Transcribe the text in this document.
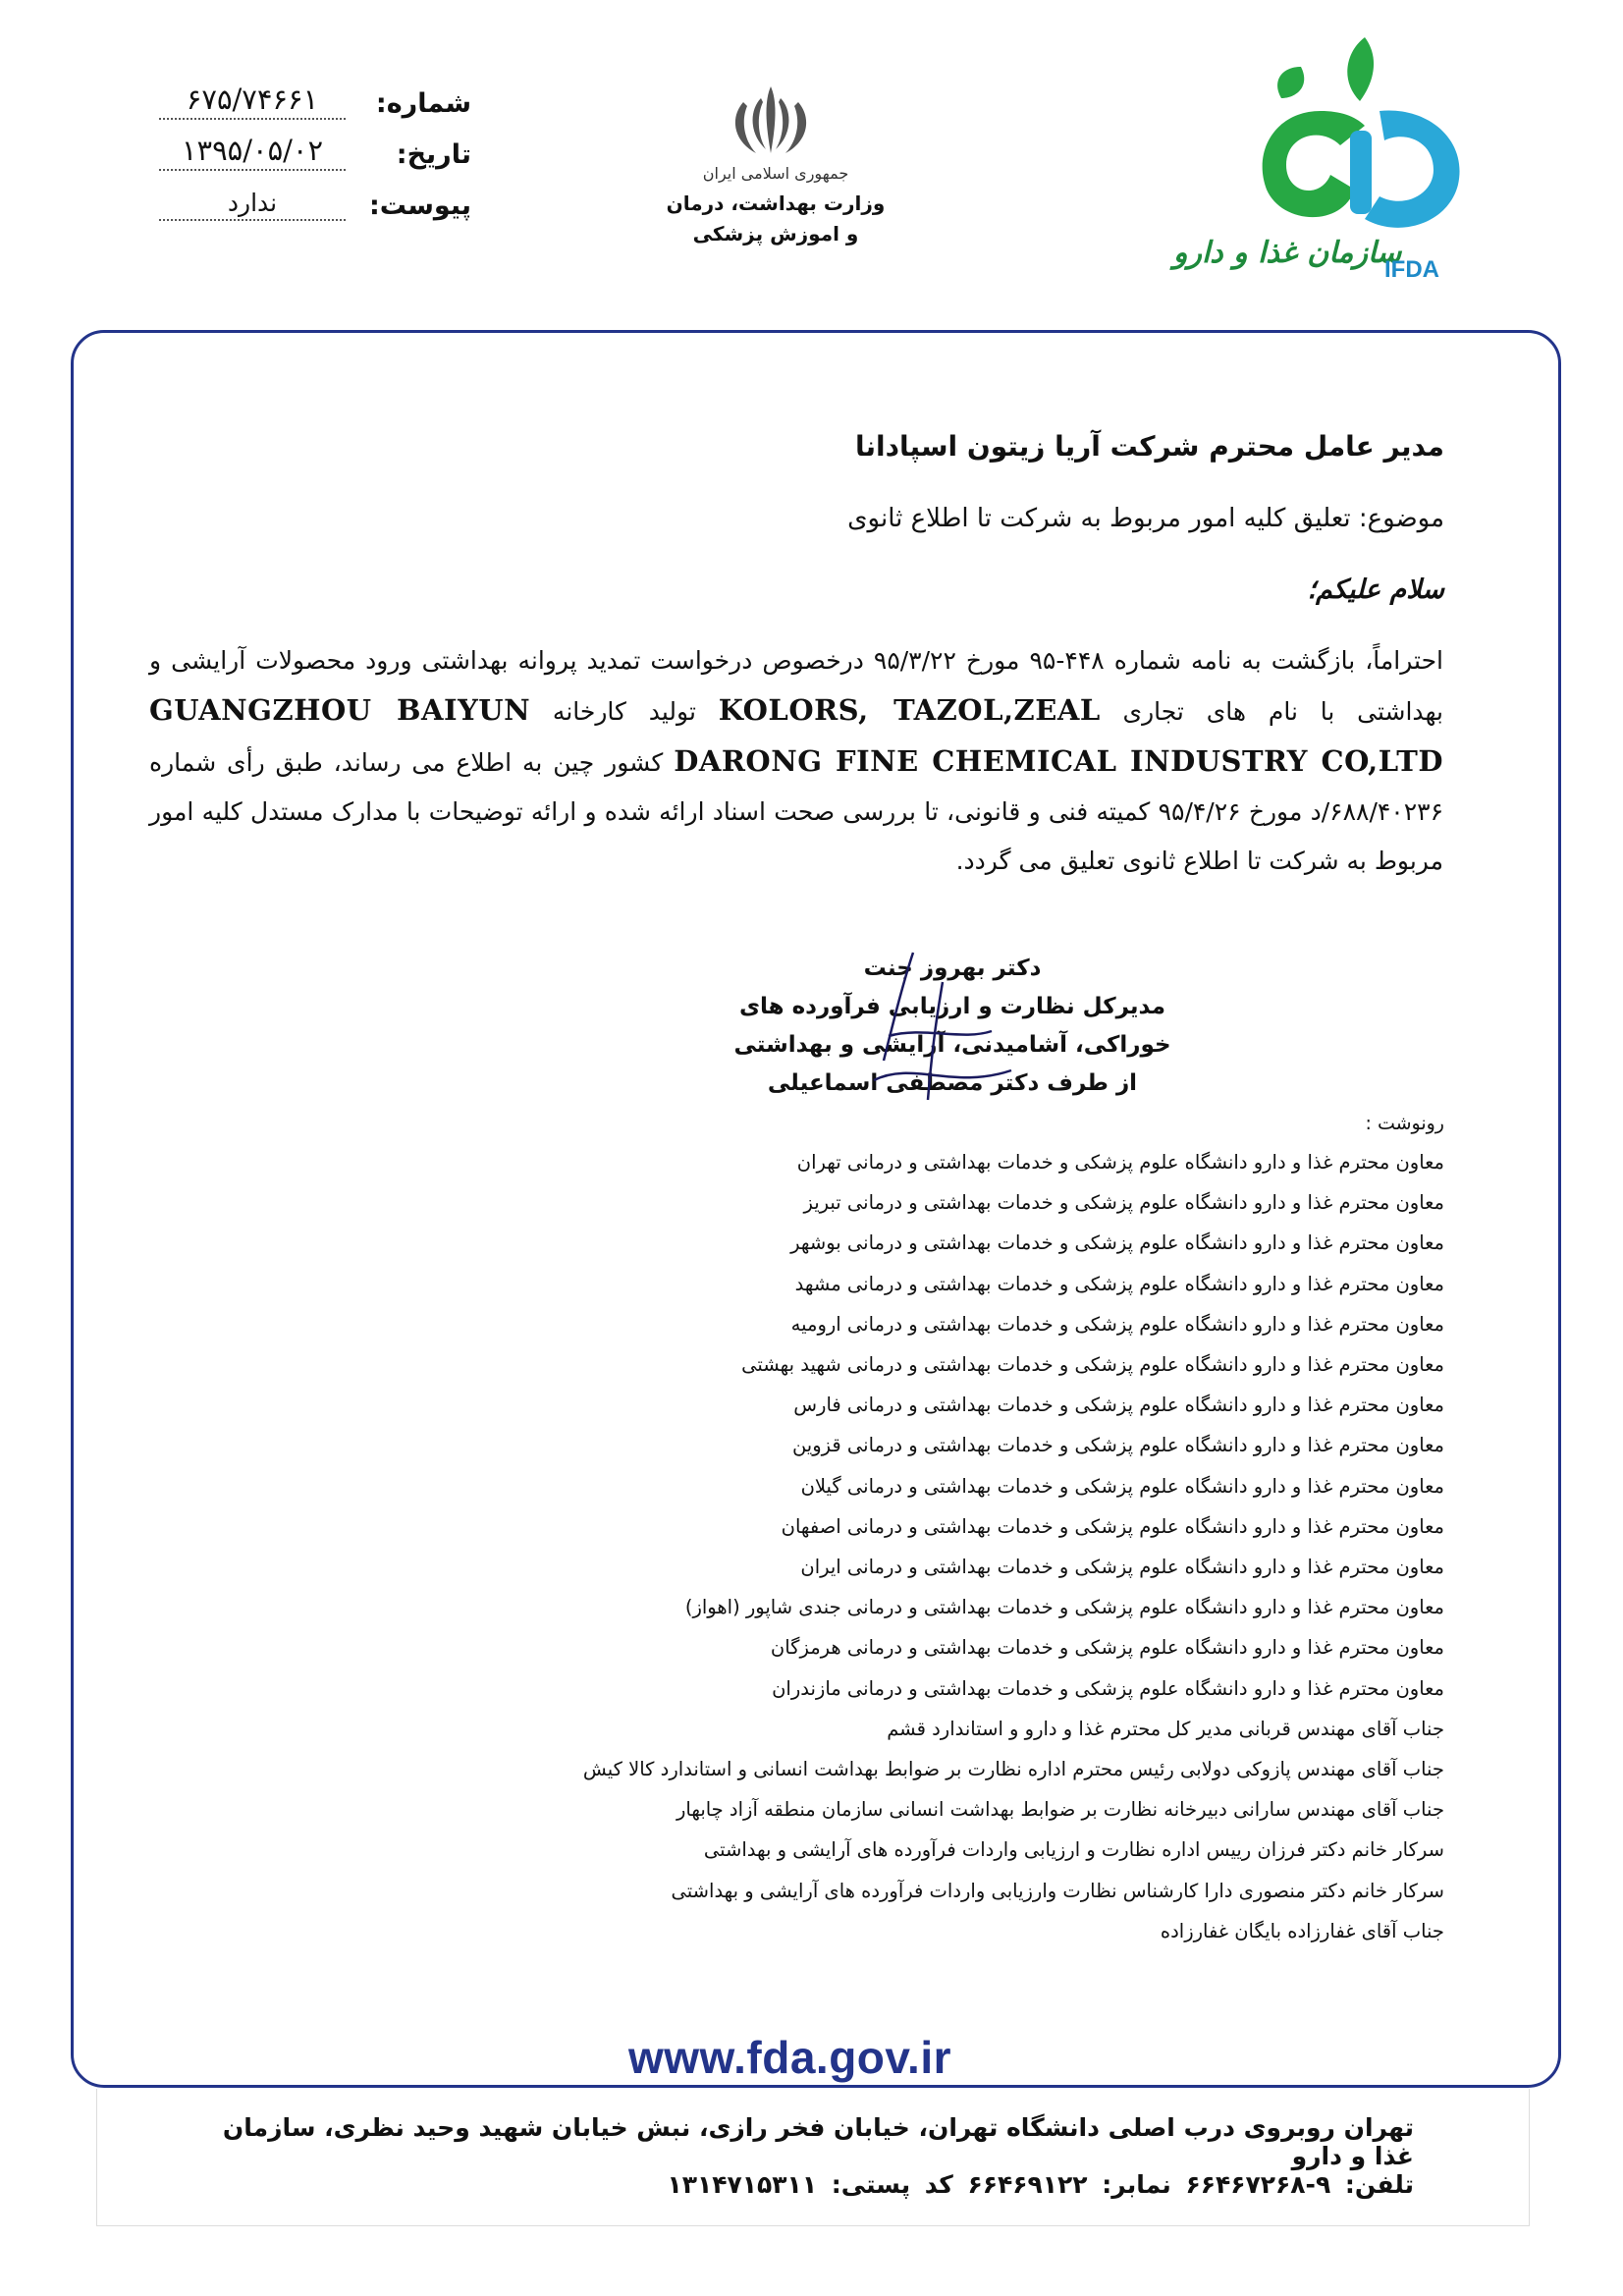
سازمان غذا و دارو
IFDA
جمهوری اسلامی ایران
وزارت بهداشت، درمان
و اموزش پزشکی
شماره:
۶۷۵/۷۴۶۶۱
تاریخ:
۱۳۹۵/۰۵/۰۲
پیوست:
ندارد
مدیر عامل محترم شرکت آریا زیتون اسپادانا
موضوع: تعلیق کلیه امور مربوط به شرکت تا اطلاع ثانوی
سلام علیکم؛
احتراماً، بازگشت به نامه شماره ۴۴۸-۹۵ مورخ ۹۵/۳/۲۲ درخصوص درخواست تمدید پروانه بهداشتی ورود محصولات آرایشی و بهداشتی با نام های تجاری KOLORS, TAZOL,ZEAL تولید کارخانه GUANGZHOU BAIYUN DARONG FINE CHEMICAL INDUSTRY CO,LTD کشور چین به اطلاع می رساند، طبق رأی شماره ۶۸۸/۴۰۲۳۶/د مورخ ۹۵/۴/۲۶ کمیته فنی و قانونی، تا بررسی صحت اسناد ارائه شده و ارائه توضیحات با مدارک مستدل کلیه امور مربوط به شرکت تا اطلاع ثانوی تعلیق می گردد.
دکتر بهروز جنت
مدیرکل نظارت و ارزیابی فرآورده های
خوراکی، آشامیدنی، آرایشی و بهداشتی
از طرف دکتر مصطفی اسماعیلی
رونوشت :
معاون محترم غذا و دارو دانشگاه علوم پزشکی و خدمات بهداشتی و درمانی تهران
معاون محترم غذا و دارو دانشگاه علوم پزشکی و خدمات بهداشتی و درمانی تبریز
معاون محترم غذا و دارو دانشگاه علوم پزشکی و خدمات بهداشتی و درمانی بوشهر
معاون محترم غذا و دارو دانشگاه علوم پزشکی و خدمات بهداشتی و درمانی مشهد
معاون محترم غذا و دارو دانشگاه علوم پزشکی و خدمات بهداشتی و درمانی ارومیه
معاون محترم غذا و دارو دانشگاه علوم پزشکی و خدمات بهداشتی و درمانی شهید بهشتی
معاون محترم غذا و دارو دانشگاه علوم پزشکی و خدمات بهداشتی و درمانی فارس
معاون محترم غذا و دارو دانشگاه علوم پزشکی و خدمات بهداشتی و درمانی قزوین
معاون محترم غذا و دارو دانشگاه علوم پزشکی و خدمات بهداشتی و درمانی گیلان
معاون محترم غذا و دارو دانشگاه علوم پزشکی و خدمات بهداشتی و درمانی اصفهان
معاون محترم غذا و دارو دانشگاه علوم پزشکی و خدمات بهداشتی و درمانی ایران
معاون محترم غذا و دارو دانشگاه علوم پزشکی و خدمات بهداشتی و درمانی جندی شاپور (اهواز)
معاون محترم غذا و دارو دانشگاه علوم پزشکی و خدمات بهداشتی و درمانی هرمزگان
معاون محترم غذا و دارو دانشگاه علوم پزشکی و خدمات بهداشتی و درمانی مازندران
جناب آقای مهندس قربانی مدیر کل محترم غذا و دارو و استاندارد قشم
جناب آقای مهندس پازوکی دولابی رئیس محترم اداره نظارت بر ضوابط بهداشت انسانی و استاندارد کالا کیش
جناب آقای مهندس سارانی دبیرخانه نظارت بر ضوابط بهداشت انسانی سازمان منطقه آزاد چابهار
سرکار خانم دکتر فرزان رییس اداره نظارت و ارزیابی واردات فرآورده های آرایشی و بهداشتی
سرکار خانم دکتر منصوری دارا کارشناس نظارت وارزیابی واردات فرآورده های آرایشی و بهداشتی
جناب آقای غفارزاده بایگان غفارزاده
www.fda.gov.ir
تهران روبروی درب اصلی دانشگاه تهران، خیابان فخر رازی، نبش خیابان شهید وحید نظری، سازمان غذا و دارو
تلفن: ۹-۶۶۴۶۷۲۶۸ نمابر: ۶۶۴۶۹۱۲۲ کد پستی: ۱۳۱۴۷۱۵۳۱۱
